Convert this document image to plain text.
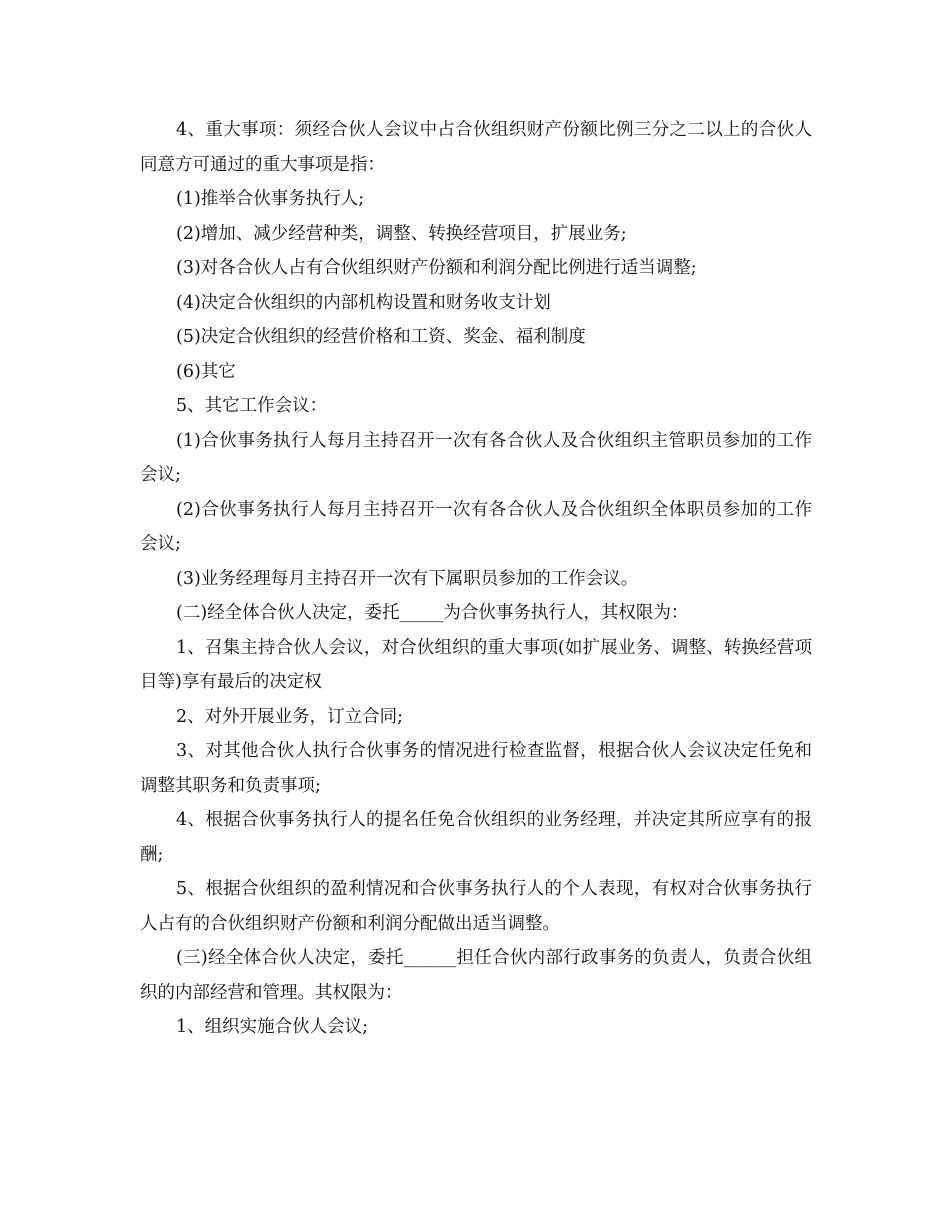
4、重大事项：须经合伙人会议中占合伙组织财产份额比例三分之二以上的合伙人同意方可通过的重大事项是指：

(1)推举合伙事务执行人;

(2)增加、减少经营种类，调整、转换经营项目，扩展业务;

(3)对各合伙人占有合伙组织财产份额和利润分配比例进行适当调整;

(4)决定合伙组织的内部机构设置和财务收支计划

(5)决定合伙组织的经营价格和工资、奖金、福利制度

(6)其它

5、其它工作会议：

(1)合伙事务执行人每月主持召开一次有各合伙人及合伙组织主管职员参加的工作会议;

(2)合伙事务执行人每月主持召开一次有各合伙人及合伙组织全体职员参加的工作会议;

(3)业务经理每月主持召开一次有下属职员参加的工作会议。

(二)经全体合伙人决定，委托_____为合伙事务执行人，其权限为：

1、召集主持合伙人会议，对合伙组织的重大事项(如扩展业务、调整、转换经营项目等)享有最后的决定权

2、对外开展业务，订立合同;

3、对其他合伙人执行合伙事务的情况进行检查监督，根据合伙人会议决定任免和调整其职务和负责事项;

4、根据合伙事务执行人的提名任免合伙组织的业务经理，并决定其所应享有的报酬;

5、根据合伙组织的盈利情况和合伙事务执行人的个人表现，有权对合伙事务执行人占有的合伙组织财产份额和利润分配做出适当调整。

(三)经全体合伙人决定，委托______担任合伙内部行政事务的负责人，负责合伙组织的内部经营和管理。其权限为：

1、组织实施合伙人会议;
